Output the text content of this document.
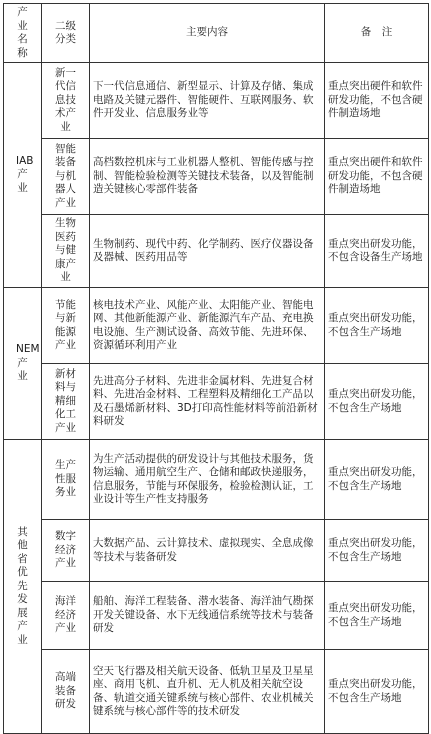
产业名称	二级分类	主要内容	备　注

IAB产业	新一代信息技术产业	下一代信息通信、新型显示、计算及存储、集成电路及关键元器件、智能硬件、互联网服务、软件开发业、信息服务业等	重点突出硬件和软件研发功能，不包含硬件制造场地

	智能装备与机器人产业	高档数控机床与工业机器人整机、智能传感与控制、智能检验检测等关键技术装备，以及智能制造关键核心零部件装备	重点突出硬件和软件研发功能，不包含硬件制造场地

	生物医药与健康产业	生物制药、现代中药、化学制药、医疗仪器设备及器械、医药用品等	重点突出研发功能，不包含设备生产场地

NEM产业	节能与新能源产业	核电技术产业、风能产业、太阳能产业、智能电网、其他新能源产业、新能源汽车产品、充电换电设施、生产测试设备、高效节能、先进环保、资源循环利用产业	重点突出研发功能，不包含生产场地

	新材料与精细化工产业	先进高分子材料、先进非金属材料、先进复合材料、先进冶金材料、工程塑料及精细化工产品以及石墨烯新材料、3D打印高性能材料等前沿新材料研发	重点突出研发功能，不包含生产场地

其他省优先发展产业	生产性服务业	为生产活动提供的研发设计与其他技术服务，货物运输、通用航空生产、仓储和邮政快递服务，信息服务，节能与环保服务，检验检测认证，工业设计等生产性支持服务	重点突出研发功能，不包含生产场地

	数字经济产业	大数据产品、云计算技术、虚拟现实、全息成像等技术与装备研发	重点突出研发功能，不包含生产场地

	海洋经济产业	船舶、海洋工程装备、潜水装备、海洋油气勘探开发关键设备、水下无线通信系统等技术与装备研发	重点突出研发功能，不包含生产场地

	高端装备研发	空天飞行器及相关航天设备、低轨卫星及卫星星座、商用飞机、直升机、无人机及相关航空设备、轨道交通关键系统与核心部件、农业机械关键系统与核心部件等的技术研发	重点突出研发功能，不包含生产场地
